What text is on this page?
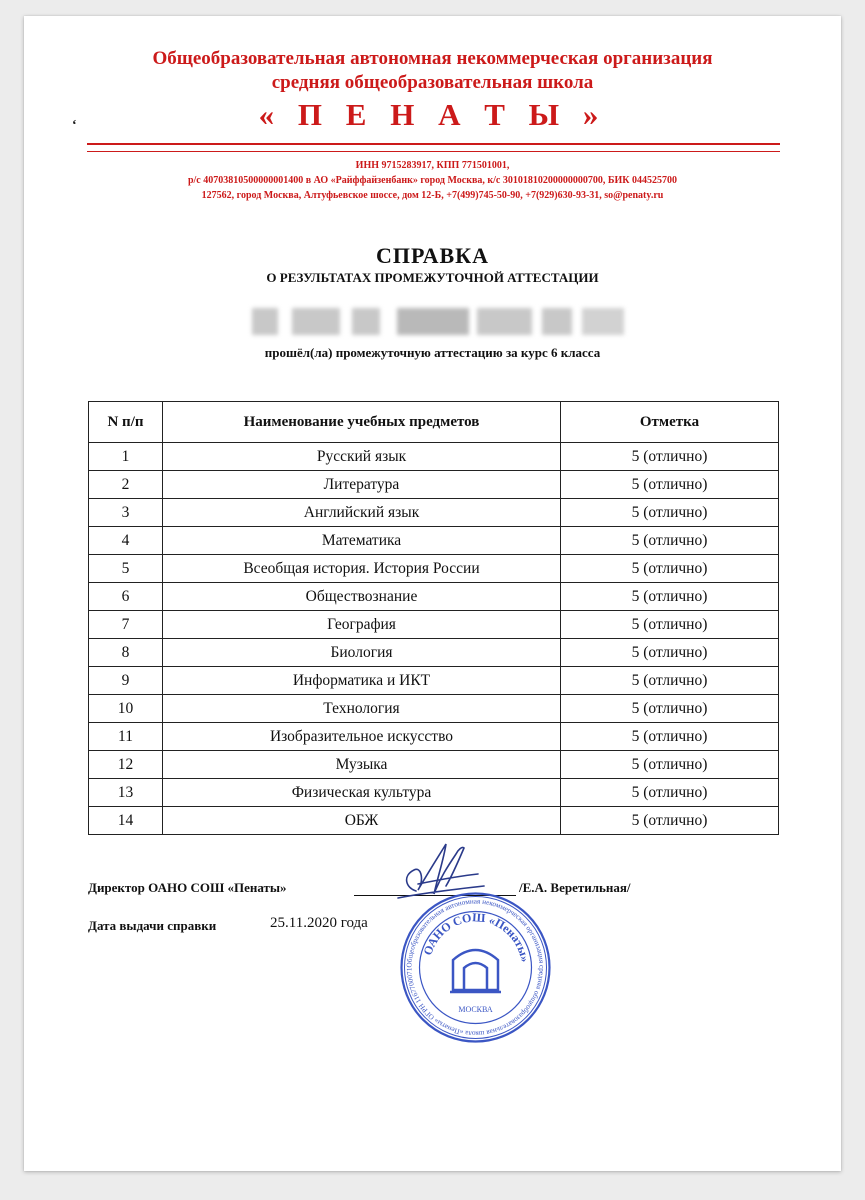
Общеобразовательная автономная некоммерческая организация
средняя общеобразовательная школа
« П Е Н А Т Ы »
ʻ
ИНН 9715283917, КПП 771501001,
р/с 40703810500000001400 в АО «Райффайзенбанк» город Москва, к/с 30101810200000000700, БИК 044525700
127562, город Москва, Алтуфьевское шоссе, дом 12-Б, +7(499)745-50-90, +7(929)630-93-31, so@penaty.ru
СПРАВКА
О РЕЗУЛЬТАТАХ ПРОМЕЖУТОЧНОЙ АТТЕСТАЦИИ
прошёл(ла) промежуточную аттестацию за курс 6 класса
N п/п	Наименование учебных предметов	Отметка
1	Русский язык	5 (отлично)
2	Литература	5 (отлично)
3	Английский язык	5 (отлично)
4	Математика	5 (отлично)
5	Всеобщая история. История России	5 (отлично)
6	Обществознание	5 (отлично)
7	География	5 (отлично)
8	Биология	5 (отлично)
9	Информатика и ИКТ	5 (отлично)
10	Технология	5 (отлично)
11	Изобразительное искусство	5 (отлично)
12	Музыка	5 (отлично)
13	Физическая культура	5 (отлично)
14	ОБЖ	5 (отлично)
Директор ОАНО СОШ «Пенаты»	/Е.А. Веретильная/
Дата выдачи справки	25.11.2020 года
Общеобразовательная автономная некоммерческая организация средняя общеобразовательная школа «Пенаты» ОГРН 1167700071
ОАНО СОШ «Пенаты»
МОСКВА
